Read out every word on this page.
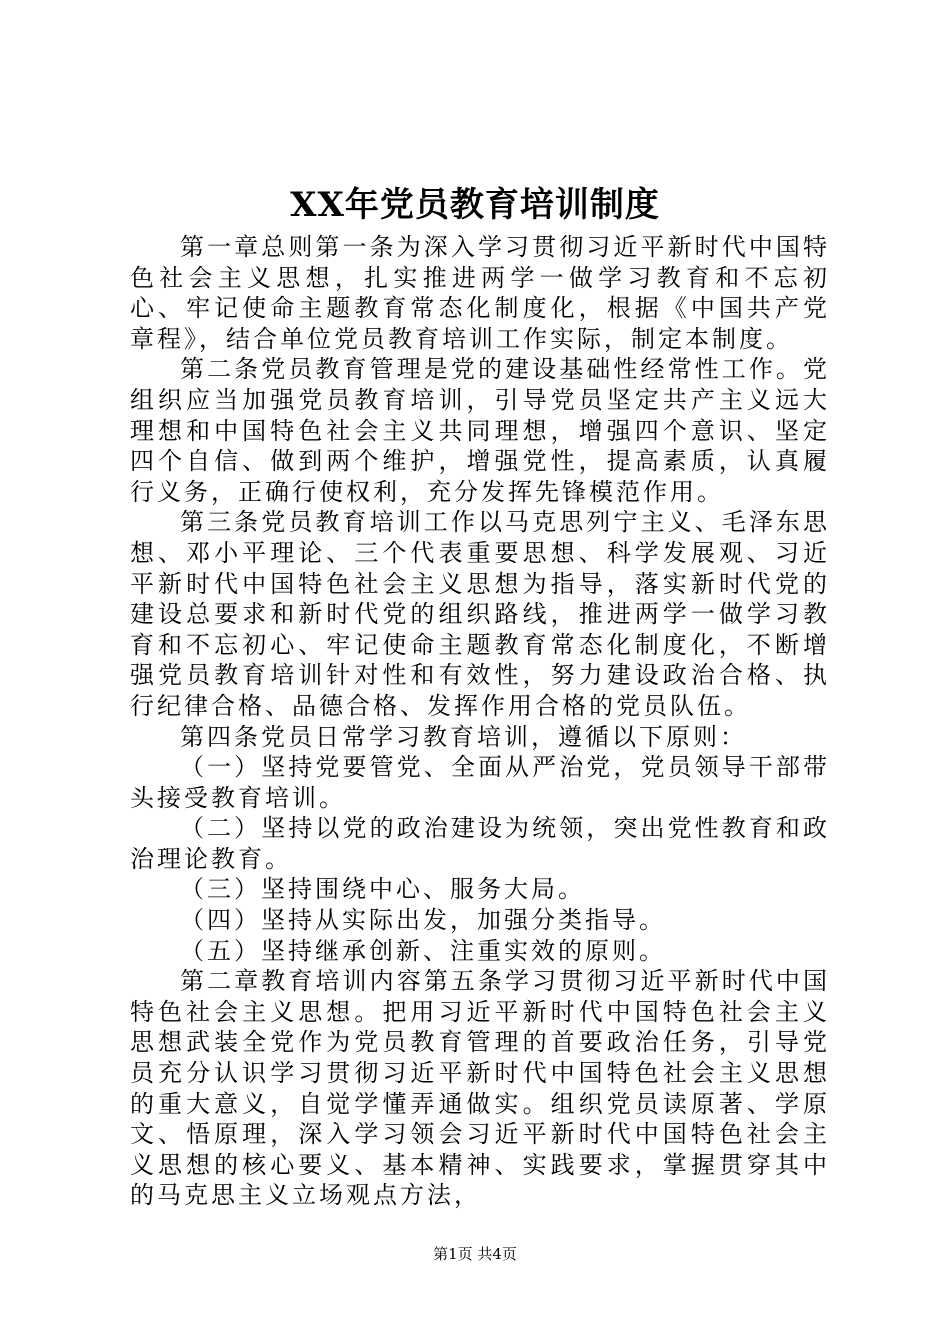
XX年党员教育培训制度

第一章总则第一条为深入学习贯彻习近平新时代中国特色社会主义思想，扎实推进两学一做学习教育和不忘初心、牢记使命主题教育常态化制度化，根据《中国共产党章程》，结合单位党员教育培训工作实际，制定本制度。

第二条党员教育管理是党的建设基础性经常性工作。党组织应当加强党员教育培训，引导党员坚定共产主义远大理想和中国特色社会主义共同理想，增强四个意识、坚定四个自信、做到两个维护，增强党性，提高素质，认真履行义务，正确行使权利，充分发挥先锋模范作用。

第三条党员教育培训工作以马克思列宁主义、毛泽东思想、邓小平理论、三个代表重要思想、科学发展观、习近平新时代中国特色社会主义思想为指导，落实新时代党的建设总要求和新时代党的组织路线，推进两学一做学习教育和不忘初心、牢记使命主题教育常态化制度化，不断增强党员教育培训针对性和有效性，努力建设政治合格、执行纪律合格、品德合格、发挥作用合格的党员队伍。

第四条党员日常学习教育培训，遵循以下原则：

（一）坚持党要管党、全面从严治党，党员领导干部带头接受教育培训。

（二）坚持以党的政治建设为统领，突出党性教育和政治理论教育。

（三）坚持围绕中心、服务大局。

（四）坚持从实际出发，加强分类指导。

（五）坚持继承创新、注重实效的原则。

第二章教育培训内容第五条学习贯彻习近平新时代中国特色社会主义思想。把用习近平新时代中国特色社会主义思想武装全党作为党员教育管理的首要政治任务，引导党员充分认识学习贯彻习近平新时代中国特色社会主义思想的重大意义，自觉学懂弄通做实。组织党员读原著、学原文、悟原理，深入学习领会习近平新时代中国特色社会主义思想的核心要义、基本精神、实践要求，掌握贯穿其中的马克思主义立场观点方法，

第1页 共4页
